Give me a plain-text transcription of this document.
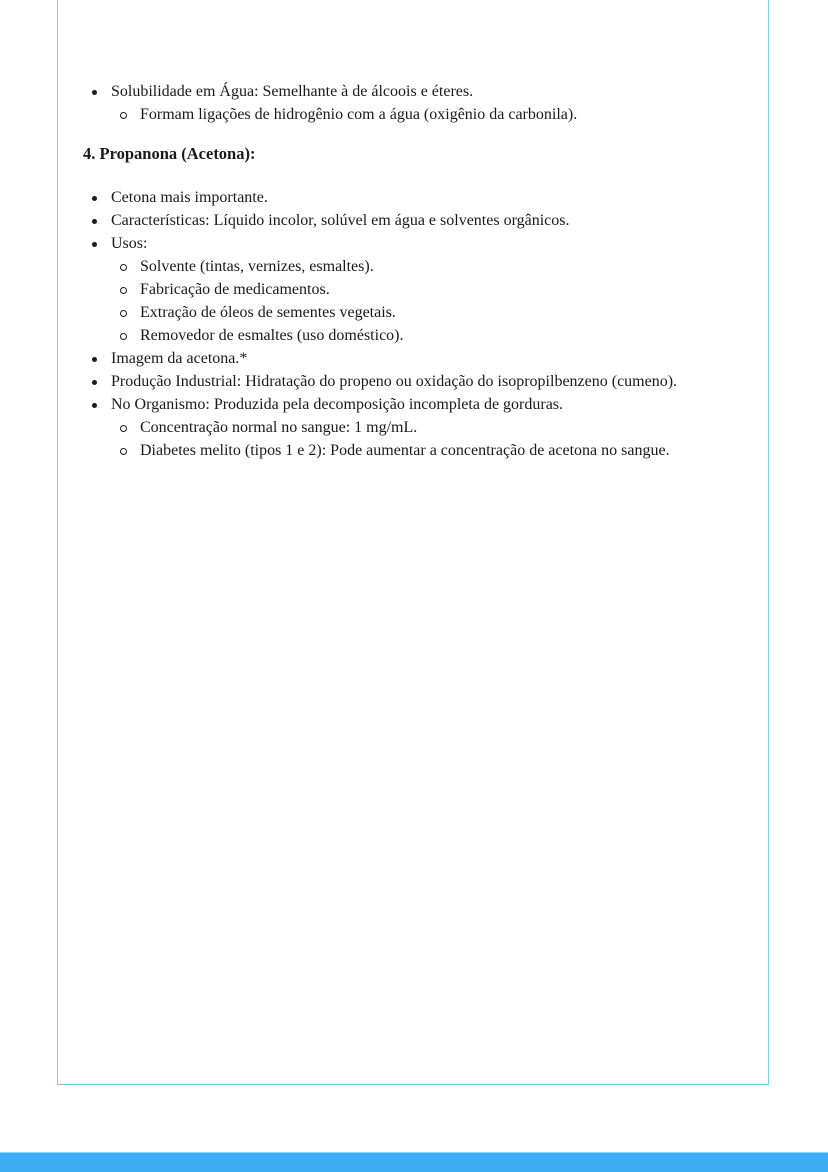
Solubilidade em Água: Semelhante à de álcoois e éteres.
Formam ligações de hidrogênio com a água (oxigênio da carbonila).
4. Propanona (Acetona):
Cetona mais importante.
Características: Líquido incolor, solúvel em água e solventes orgânicos.
Usos:
Solvente (tintas, vernizes, esmaltes).
Fabricação de medicamentos.
Extração de óleos de sementes vegetais.
Removedor de esmaltes (uso doméstico).
Imagem da acetona.*
Produção Industrial: Hidratação do propeno ou oxidação do isopropilbenzeno (cumeno).
No Organismo: Produzida pela decomposição incompleta de gorduras.
Concentração normal no sangue: 1 mg/mL.
Diabetes melito (tipos 1 e 2): Pode aumentar a concentração de acetona no sangue.
